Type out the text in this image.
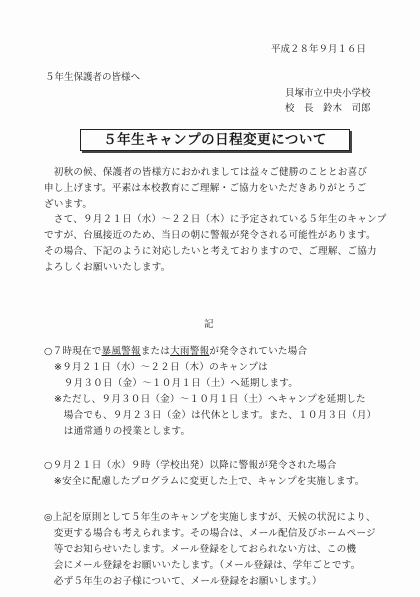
平成２８年９月１６日
５年生保護者の皆様へ
貝塚市立中央小学校
校　長　鈴木　司郎
５年生キャンプの日程変更について
　初秋の候、保護者の皆様方におかれましては益々ご健勝のこととお喜び
申し上げます。平素は本校教育にご理解・ご協力をいただきありがとうご
ざいます。
　さて、９月２１日（水）～２２日（木）に予定されている５年生のキャンプ
ですが、台風接近のため、当日の朝に警報が発令される可能性があります。
その場合、下記のように対応したいと考えておりますので、ご理解、ご協力
よろしくお願いいたします。
記
○７時現在で暴風警報または大雨警報が発令されていた場合
※９月２１日（水）～２２日（木）のキャンプは
　９月３０日（金）～１０月１日（土）へ延期します。
※ただし、９月３０日（金）～１０月１日（土）へキャンプを延期した
　場合でも、９月２３日（金）は代休とします。また、１０月３日（月）
　は通常通りの授業とします。
○９月２１日（水）９時（学校出発）以降に警報が発令された場合
　※安全に配慮したプログラムに変更した上で、キャンプを実施します。
◎上記を原則として５年生のキャンプを実施しますが、天候の状況により、
　変更する場合も考えられます。その場合は、メール配信及びホームページ
　等でお知らせいたします。メール登録をしておられない方は、この機
　会にメール登録をお願いいたします。（メール登録は、学年ごとです。
　必ず５年生のお子様について、メール登録をお願いします。）
